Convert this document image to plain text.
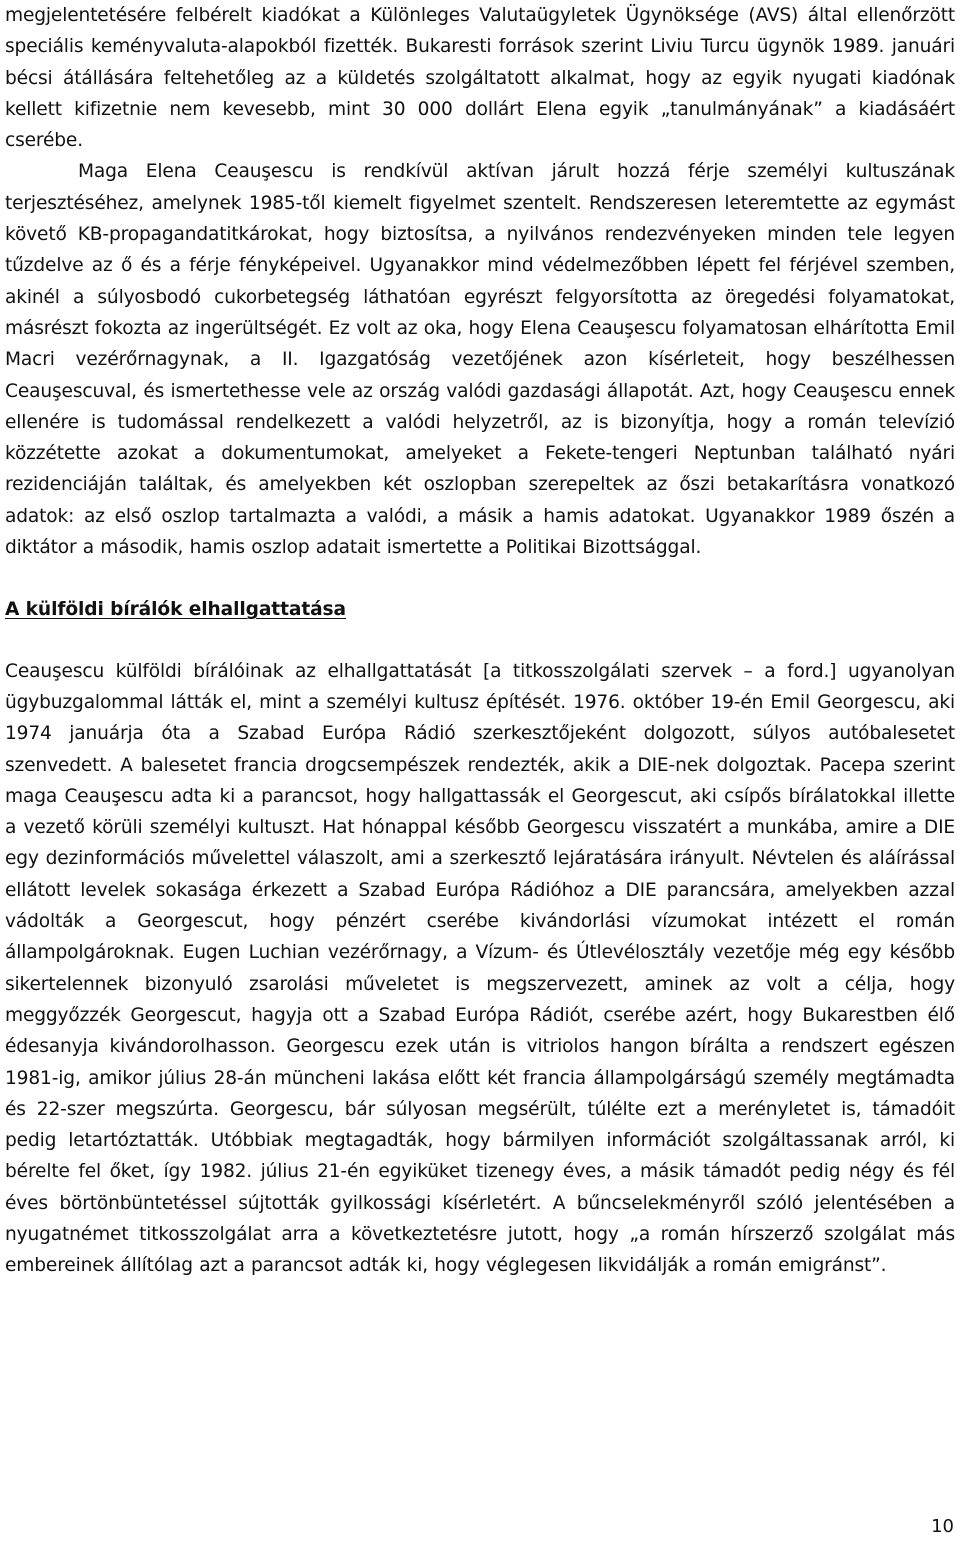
megjelentetésére felbérelt kiadókat a Különleges Valutaügyletek Ügynöksége (AVS) által ellenőrzött speciális keményvaluta-alapokból fizették. Bukaresti források szerint Liviu Turcu ügynök 1989. januári bécsi átállására feltehetőleg az a küldetés szolgáltatott alkalmat, hogy az egyik nyugati kiadónak kellett kifizetnie nem kevesebb, mint 30 000 dollárt Elena egyik „tanulmányának” a kiadásáért cserébe.

Maga Elena Ceauşescu is rendkívül aktívan járult hozzá férje személyi kultuszának terjesztéséhez, amelynek 1985-től kiemelt figyelmet szentelt. Rendszeresen leteremtette az egymást követő KB-propagandatitkárokat, hogy biztosítsa, a nyilvános rendezvényeken minden tele legyen tűzdelve az ő és a férje fényképeivel. Ugyanakkor mind védelmezőbben lépett fel férjével szemben, akinél a súlyosbodó cukorbetegség láthatóan egyrészt felgyorsította az öregedési folyamatokat, másrészt fokozta az ingerültségét. Ez volt az oka, hogy Elena Ceauşescu folyamatosan elhárította Emil Macri vezérőrnagynak, a II. Igazgatóság vezetőjének azon kísérleteit, hogy beszélhessen Ceauşescuval, és ismertethesse vele az ország valódi gazdasági állapotát. Azt, hogy Ceauşescu ennek ellenére is tudomással rendelkezett a valódi helyzetről, az is bizonyítja, hogy a román televízió közzétette azokat a dokumentumokat, amelyeket a Fekete-tengeri Neptunban található nyári rezidenciáján találtak, és amelyekben két oszlopban szerepeltek az őszi betakarításra vonatkozó adatok: az első oszlop tartalmazta a valódi, a másik a hamis adatokat. Ugyanakkor 1989 őszén a diktátor a második, hamis oszlop adatait ismertette a Politikai Bizottsággal.

A külföldi bírálók elhallgattatása

Ceauşescu külföldi bírálóinak az elhallgattatását [a titkosszolgálati szervek – a ford.] ugyanolyan ügybuzgalommal látták el, mint a személyi kultusz építését. 1976. október 19-én Emil Georgescu, aki 1974 januárja óta a Szabad Európa Rádió szerkesztőjeként dolgozott, súlyos autóbalesetet szenvedett. A balesetet francia drogcsempészek rendezték, akik a DIE-nek dolgoztak. Pacepa szerint maga Ceauşescu adta ki a parancsot, hogy hallgattassák el Georgescut, aki csípős bírálatokkal illette a vezető körüli személyi kultuszt. Hat hónappal később Georgescu visszatért a munkába, amire a DIE egy dezinformációs művelettel válaszolt, ami a szerkesztő lejáratására irányult. Névtelen és aláírással ellátott levelek sokasága érkezett a Szabad Európa Rádióhoz a DIE parancsára, amelyekben azzal vádolták a Georgescut, hogy pénzért cserébe kivándorlási vízumokat intézett el román állampolgároknak. Eugen Luchian vezérőrnagy, a Vízum- és Útlevélosztály vezetője még egy később sikertelennek bizonyuló zsarolási műveletet is megszervezett, aminek az volt a célja, hogy meggyőzzék Georgescut, hagyja ott a Szabad Európa Rádiót, cserébe azért, hogy Bukarestben élő édesanyja kivándorolhasson. Georgescu ezek után is vitriolos hangon bírálta a rendszert egészen 1981-ig, amikor július 28-án müncheni lakása előtt két francia állampolgárságú személy megtámadta és 22-szer megszúrta. Georgescu, bár súlyosan megsérült, túlélte ezt a merényletet is, támadóit pedig letartóztatták. Utóbbiak megtagadták, hogy bármilyen információt szolgáltassanak arról, ki bérelte fel őket, így 1982. július 21-én egyiküket tizenegy éves, a másik támadót pedig négy és fél éves börtönbüntetéssel sújtották gyilkossági kísérletért. A bűncselekményről szóló jelentésében a nyugatnémet titkosszolgálat arra a következtetésre jutott, hogy „a román hírszerző szolgálat más embereinek állítólag azt a parancsot adták ki, hogy véglegesen likvidálják a román emigránst”.

10
